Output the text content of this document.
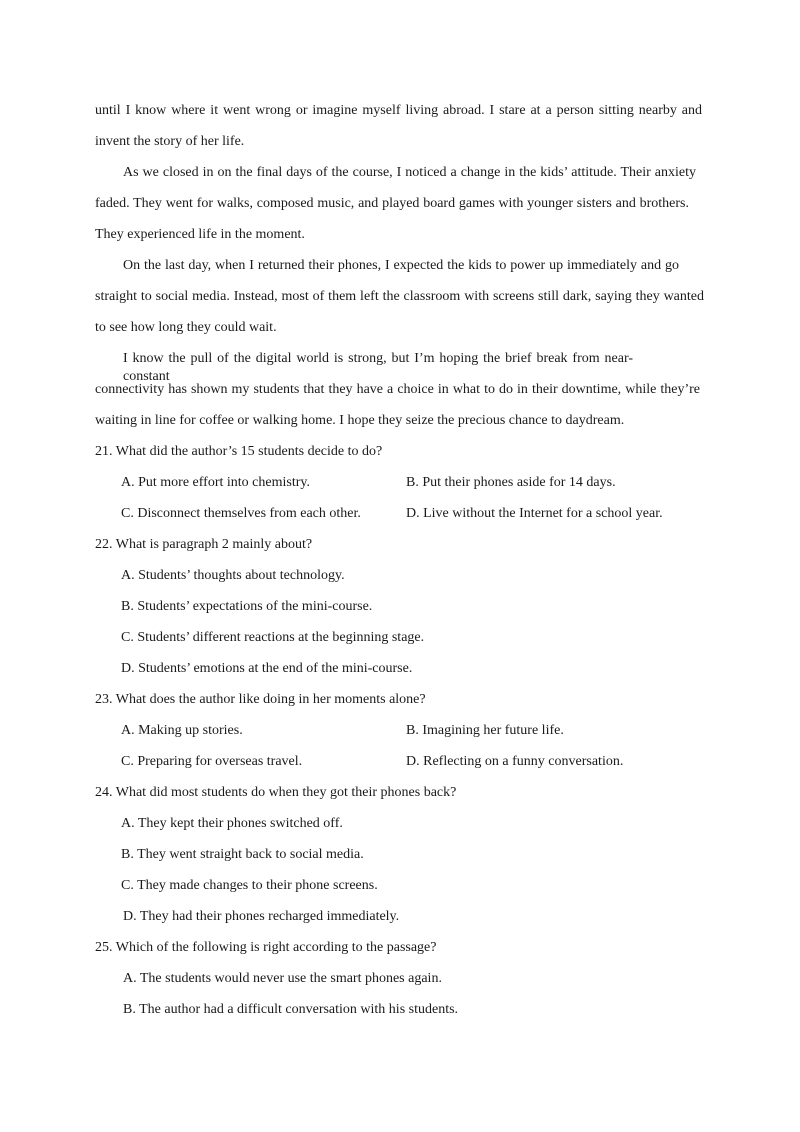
until I know where it went wrong or imagine myself living abroad. I stare at a person sitting nearby and
invent the story of her life.
As we closed in on the final days of the course, I noticed a change in the kids’ attitude. Their anxiety
faded. They went for walks, composed music, and played board games with younger sisters and brothers.
They experienced life in the moment.
On the last day, when I returned their phones, I expected the kids to power up immediately and go
straight to social media. Instead, most of them left the classroom with screens still dark, saying they wanted
to see how long they could wait.
I know the pull of the digital world is strong, but I’m hoping the brief break from near-constant
connectivity has shown my students that they have a choice in what to do in their downtime, while they’re
waiting in line for coffee or walking home. I hope they seize the precious chance to daydream.
21. What did the author’s 15 students decide to do?
A. Put more effort into chemistry.	B. Put their phones aside for 14 days.
C. Disconnect themselves from each other.	D. Live without the Internet for a school year.
22. What is paragraph 2 mainly about?
A. Students’ thoughts about technology.
B. Students’ expectations of the mini-course.
C. Students’ different reactions at the beginning stage.
D. Students’ emotions at the end of the mini-course.
23. What does the author like doing in her moments alone?
A. Making up stories.	B. Imagining her future life.
C. Preparing for overseas travel.	D. Reflecting on a funny conversation.
24. What did most students do when they got their phones back?
A. They kept their phones switched off.
B. They went straight back to social media.
C. They made changes to their phone screens.
D. They had their phones recharged immediately.
25. Which of the following is right according to the passage?
A. The students would never use the smart phones again.
B. The author had a difficult conversation with his students.
